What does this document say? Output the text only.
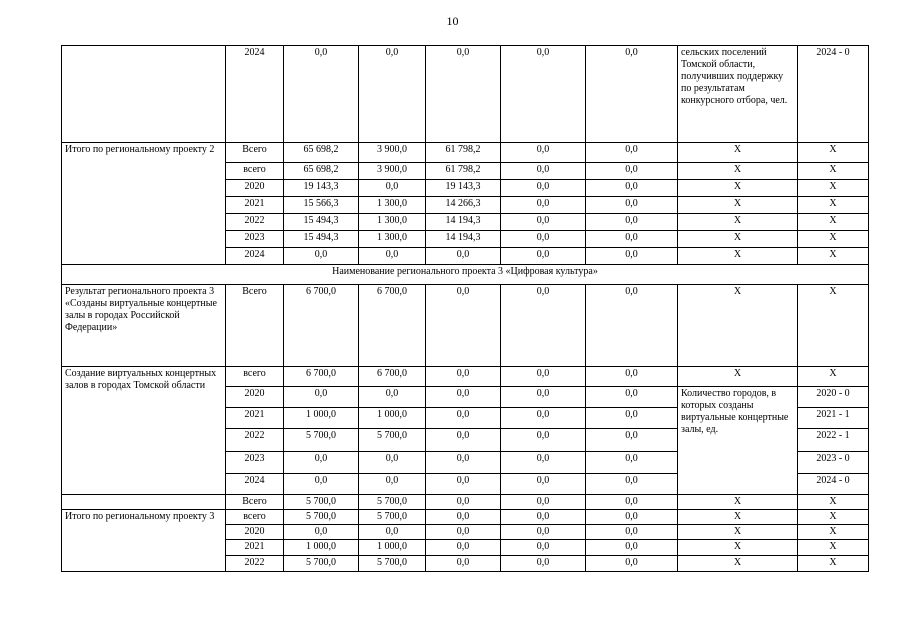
10
	2024	0,0	0,0	0,0	0,0	0,0	сельских поселений Томской области, получивших поддержку по результатам конкурсного отбора, чел.	2024 - 0
Итого по региональному проекту 2	Всего	65 698,2	3 900,0	61 798,2	0,0	0,0	Х	Х
	всего	65 698,2	3 900,0	61 798,2	0,0	0,0	Х	Х
	2020	19 143,3	0,0	19 143,3	0,0	0,0	Х	Х
	2021	15 566,3	1 300,0	14 266,3	0,0	0,0	Х	Х
	2022	15 494,3	1 300,0	14 194,3	0,0	0,0	Х	Х
	2023	15 494,3	1 300,0	14 194,3	0,0	0,0	Х	Х
	2024	0,0	0,0	0,0	0,0	0,0	Х	Х
Наименование регионального проекта 3 «Цифровая культура»								
Результат регионального проекта 3 «Созданы виртуальные концертные залы в городах Российской Федерации»	Всего	6 700,0	6 700,0	0,0	0,0	0,0	Х	Х
Создание виртуальных концертных залов в городах Томской области	всего	6 700,0	6 700,0	0,0	0,0	0,0	Х	Х
	2020	0,0	0,0	0,0	0,0	0,0	Количество городов, в которых созданы виртуальные концертные залы, ед.	2020 - 0
	2021	1 000,0	1 000,0	0,0	0,0	0,0		2021 - 1
	2022	5 700,0	5 700,0	0,0	0,0	0,0		2022 - 1
	2023	0,0	0,0	0,0	0,0	0,0		2023 - 0
	2024	0,0	0,0	0,0	0,0	0,0		2024 - 0
	Всего	5 700,0	5 700,0	0,0	0,0	0,0	Х	Х
Итого по региональному проекту 3	всего	5 700,0	5 700,0	0,0	0,0	0,0	Х	Х
	2020	0,0	0,0	0,0	0,0	0,0	Х	Х
	2021	1 000,0	1 000,0	0,0	0,0	0,0	Х	Х
	2022	5 700,0	5 700,0	0,0	0,0	0,0	Х	Х
